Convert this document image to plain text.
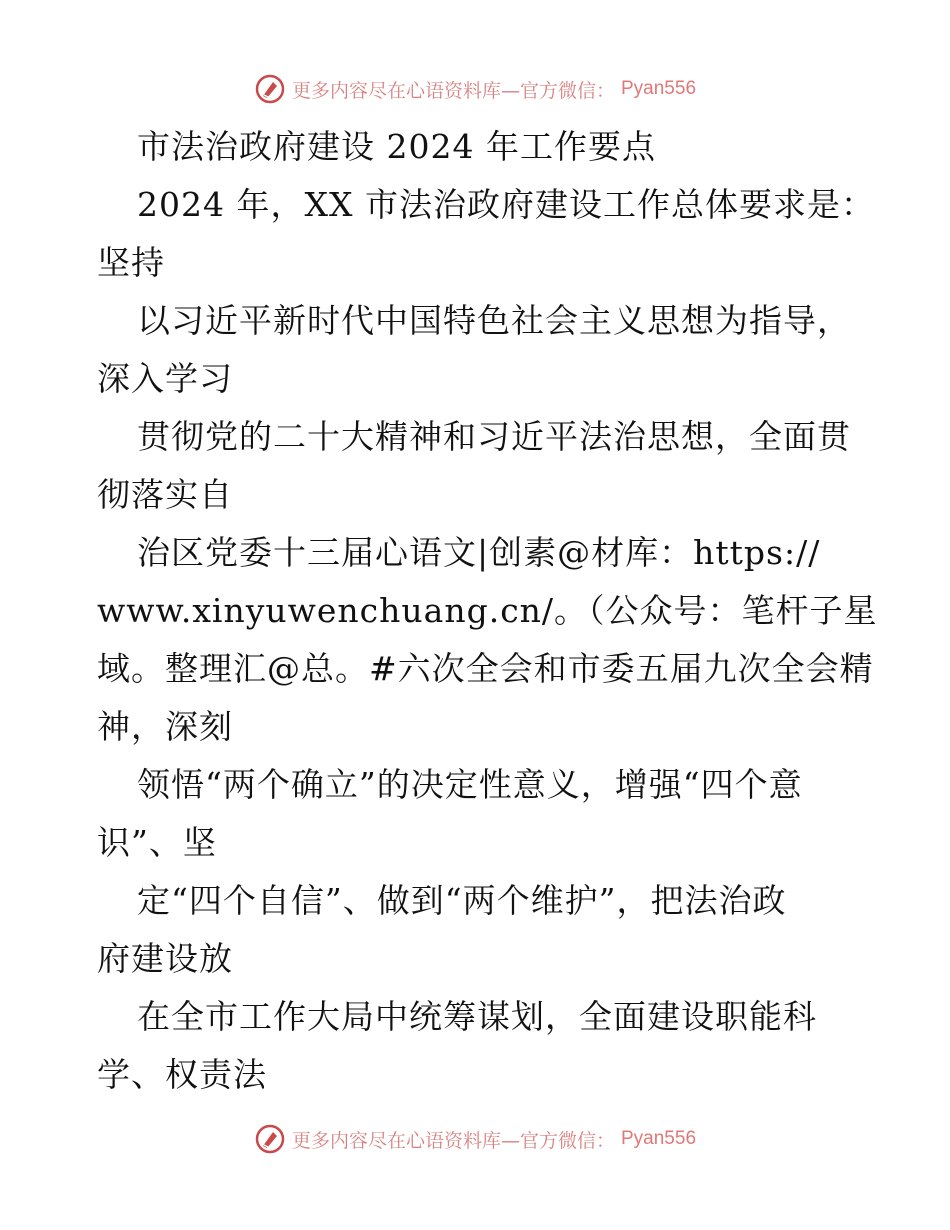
更多内容尽在心语资料库—官方微信： Pyan556
市法治政府建设 2024 年工作要点
2024 年，XX 市法治政府建设工作总体要求是：
坚持
以习近平新时代中国特色社会主义思想为指导，
深入学习
贯彻党的二十大精神和习近平法治思想，全面贯
彻落实自
治区党委十三届心语文|创素@材库：https://
www.xinyuwenchuang.cn/。（公众号：笔杆子星
域。整理汇@总。#六次全会和市委五届九次全会精
神，深刻
领悟“两个确立”的决定性意义，增强“四个意
识”、坚
定“四个自信”、做到“两个维护”，把法治政
府建设放
在全市工作大局中统筹谋划，全面建设职能科
学、权责法
更多内容尽在心语资料库—官方微信： Pyan556
